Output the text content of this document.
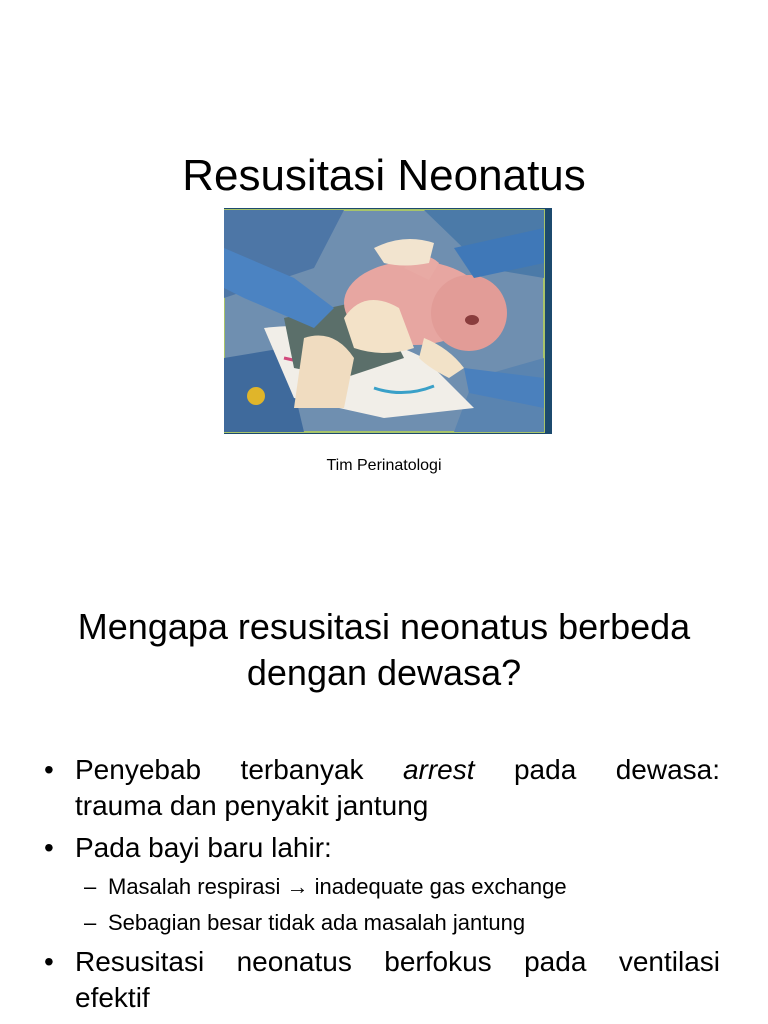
Resusitasi Neonatus
Tim Perinatologi
Mengapa resusitasi neonatus berbeda
dengan dewasa?
• Penyebab terbanyak arrest pada dewasa:
trauma dan penyakit jantung
• Pada bayi baru lahir:
– Masalah respirasi → inadequate gas exchange
– Sebagian besar tidak ada masalah jantung
• Resusitasi neonatus berfokus pada ventilasi
efektif
